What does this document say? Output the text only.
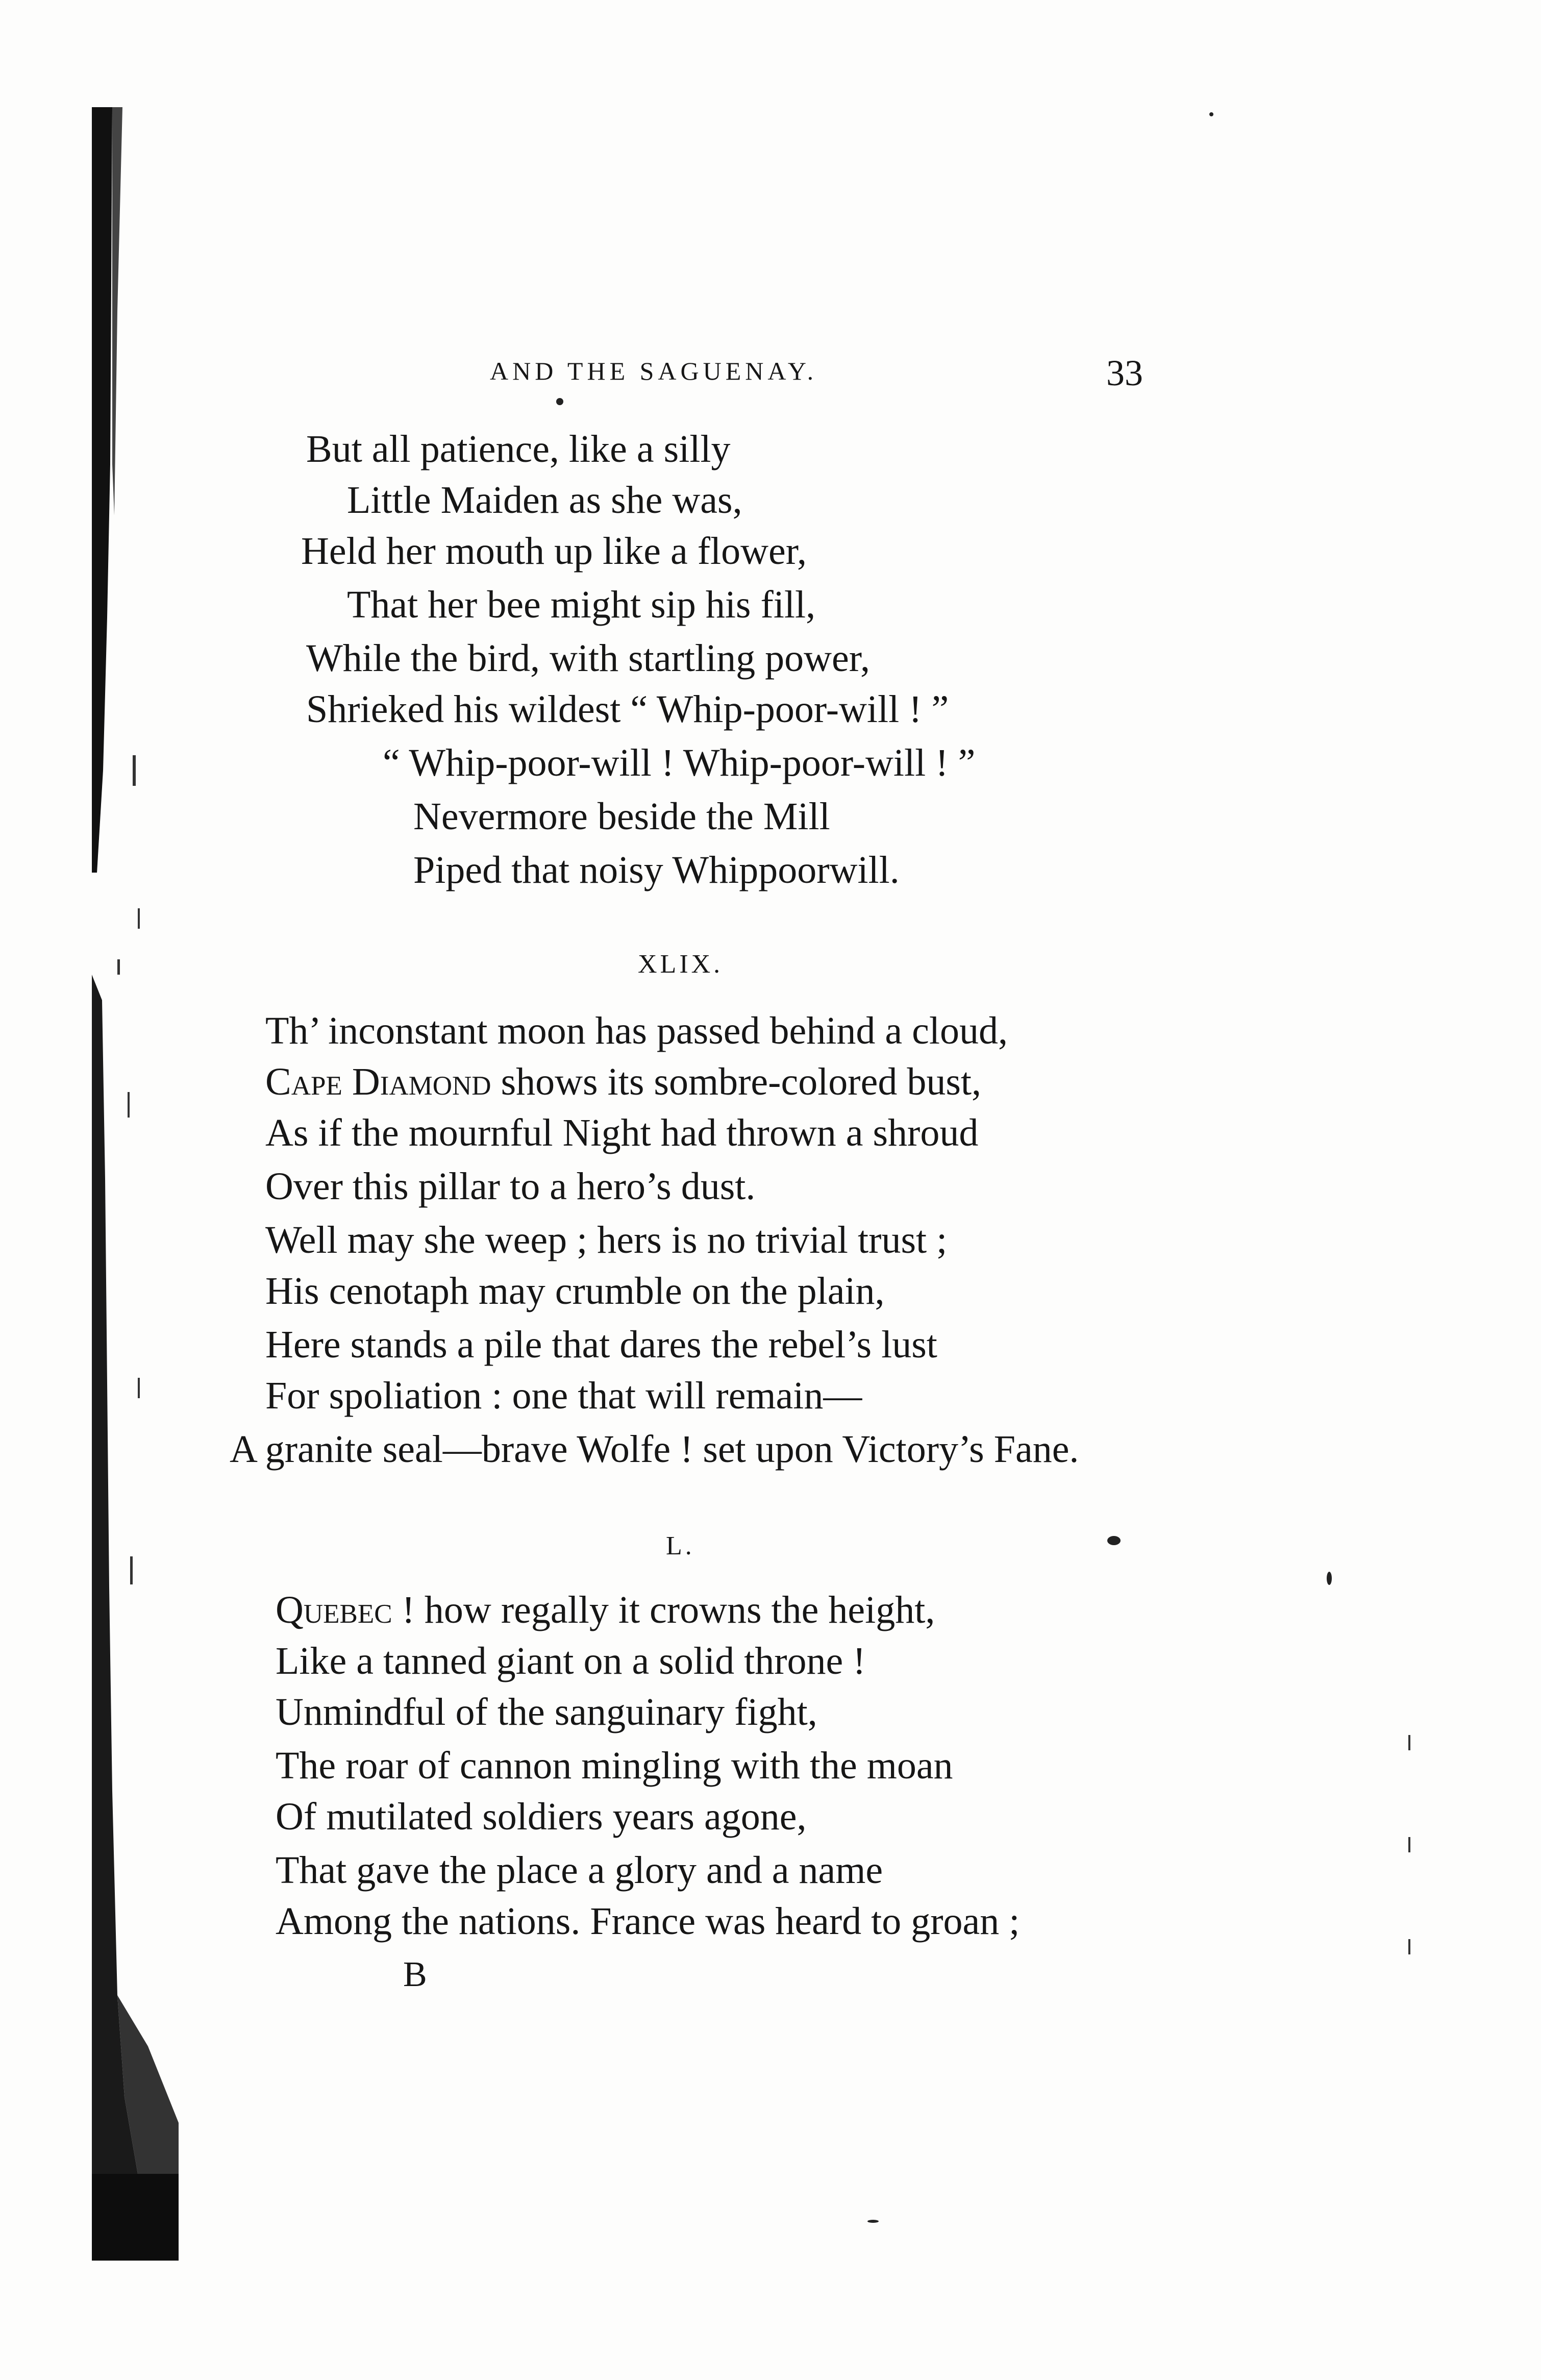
AND THE SAGUENAY.	33
But all patience, like a silly
Little Maiden as she was,
Held her mouth up like a flower,
That her bee might sip his fill,
While the bird, with startling power,
Shrieked his wildest “ Whip-poor-will ! ”
“ Whip-poor-will ! Whip-poor-will ! ”
Nevermore beside the Mill
Piped that noisy Whippoorwill.
XLIX.
Th’ inconstant moon has passed behind a cloud,
Cape Diamond shows its sombre-colored bust,
As if the mournful Night had thrown a shroud
Over this pillar to a hero’s dust.
Well may she weep ; hers is no trivial trust ;
His cenotaph may crumble on the plain,
Here stands a pile that dares the rebel’s lust
For spoliation : one that will remain—
A granite seal—brave Wolfe ! set upon Victory’s Fane.
L.
Quebec ! how regally it crowns the height,
Like a tanned giant on a solid throne !
Unmindful of the sanguinary fight,
The roar of cannon mingling with the moan
Of mutilated soldiers years agone,
That gave the place a glory and a name
Among the nations. France was heard to groan ;
B
